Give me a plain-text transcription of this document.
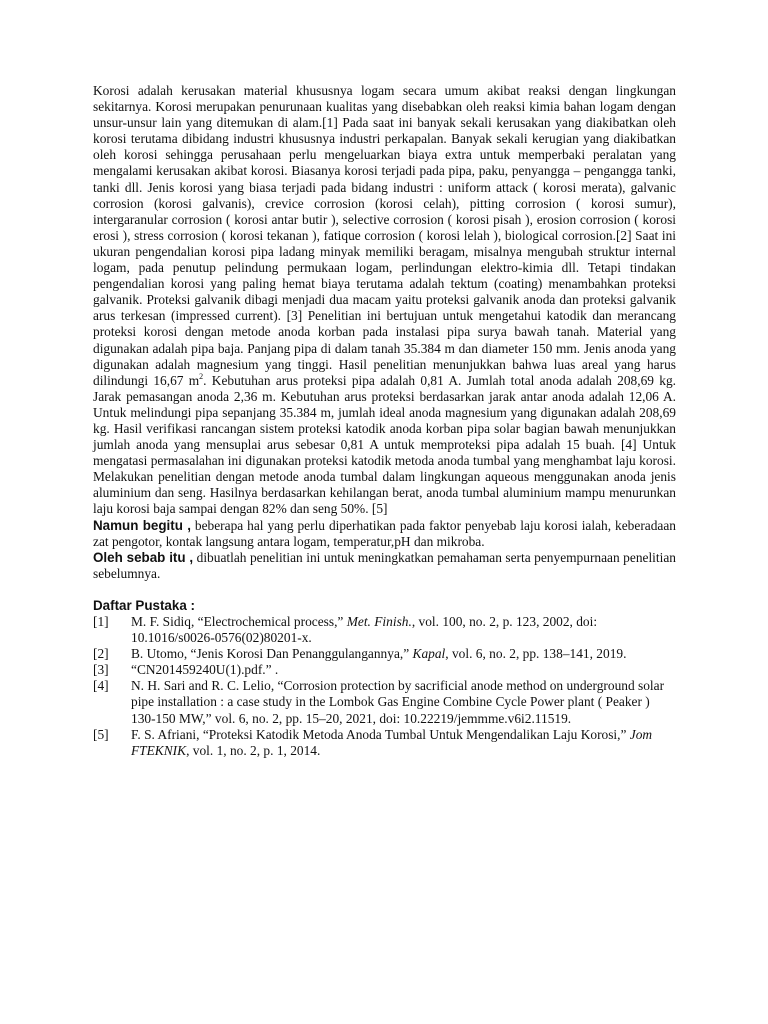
Korosi adalah kerusakan material khususnya logam secara umum akibat reaksi dengan lingkungan sekitarnya. Korosi merupakan penurunaan kualitas yang disebabkan oleh reaksi kimia bahan logam dengan unsur-unsur lain yang ditemukan di alam.[1] Pada saat ini banyak sekali kerusakan yang diakibatkan oleh korosi terutama dibidang industri khususnya industri perkapalan. Banyak sekali kerugian yang diakibatkan oleh korosi sehingga perusahaan perlu mengeluarkan biaya extra untuk memperbaki peralatan yang mengalami kerusakan akibat korosi. Biasanya korosi terjadi pada pipa, paku, penyangga – pengangga tanki, tanki dll. Jenis korosi yang biasa terjadi pada bidang industri : uniform attack ( korosi merata), galvanic corrosion (korosi galvanis), crevice corrosion (korosi celah), pitting corrosion ( korosi sumur), intergaranular corrosion ( korosi antar butir ), selective corrosion ( korosi pisah ), erosion corrosion ( korosi erosi ), stress corrosion ( korosi tekanan ), fatique corrosion ( korosi lelah ), biological corrosion.[2] Saat ini ukuran pengendalian korosi pipa ladang minyak memiliki beragam, misalnya mengubah struktur internal logam, pada penutup pelindung permukaan logam, perlindungan elektro-kimia dll. Tetapi tindakan pengendalian korosi yang paling hemat biaya terutama adalah tektum (coating) menambahkan proteksi galvanik. Proteksi galvanik dibagi menjadi dua macam yaitu proteksi galvanik anoda dan proteksi galvanik arus terkesan (impressed current). [3] Penelitian ini bertujuan untuk mengetahui katodik dan merancang proteksi korosi dengan metode anoda korban pada instalasi pipa surya bawah tanah. Material yang digunakan adalah pipa baja. Panjang pipa di dalam tanah 35.384 m dan diameter 150 mm. Jenis anoda yang digunakan adalah magnesium yang tinggi. Hasil penelitian menunjukkan bahwa luas areal yang harus dilindungi 16,67 $m^2$. Kebutuhan arus proteksi pipa adalah 0,81 A. Jumlah total anoda adalah 208,69 kg. Jarak pemasangan anoda 2,36 m. Kebutuhan arus proteksi berdasarkan jarak antar anoda adalah 12,06 A. Untuk melindungi pipa sepanjang 35.384 m, jumlah ideal anoda magnesium yang digunakan adalah 208,69 kg. Hasil verifikasi rancangan sistem proteksi katodik anoda korban pipa solar bagian bawah menunjukkan jumlah anoda yang mensuplai arus sebesar 0,81 A untuk memproteksi pipa adalah 15 buah. [4] Untuk mengatasi permasalahan ini digunakan proteksi katodik metoda anoda tumbal yang menghambat laju korosi. Melakukan penelitian dengan metode anoda tumbal dalam lingkungan aqueous menggunakan anoda jenis aluminium dan seng. Hasilnya berdasarkan kehilangan berat, anoda tumbal aluminium mampu menurunkan laju korosi baja sampai dengan 82% dan seng 50%. [5]

Namun begitu , beberapa hal yang perlu diperhatikan pada faktor penyebab laju korosi ialah, keberadaan zat pengotor, kontak langsung antara logam, temperatur,pH dan mikroba.

Oleh sebab itu , dibuatlah penelitian ini untuk meningkatkan pemahaman serta penyempurnaan penelitian sebelumnya.

Daftar Pustaka :

[1]	M. F. Sidiq, “Electrochemical process,” Met. Finish., vol. 100, no. 2, p. 123, 2002, doi: 10.1016/s0026-0576(02)80201-x.
[2]	B. Utomo, “Jenis Korosi Dan Penanggulangannya,” Kapal, vol. 6, no. 2, pp. 138–141, 2019.
[3]	“CN201459240U(1).pdf.” .
[4]	N. H. Sari and R. C. Lelio, “Corrosion protection by sacrificial anode method on underground solar pipe installation : a case study in the Lombok Gas Engine Combine Cycle Power plant ( Peaker ) 130-150 MW,” vol. 6, no. 2, pp. 15–20, 2021, doi: 10.22219/jemmme.v6i2.11519.
[5]	F. S. Afriani, “Proteksi Katodik Metoda Anoda Tumbal Untuk Mengendalikan Laju Korosi,” Jom FTEKNIK, vol. 1, no. 2, p. 1, 2014.
